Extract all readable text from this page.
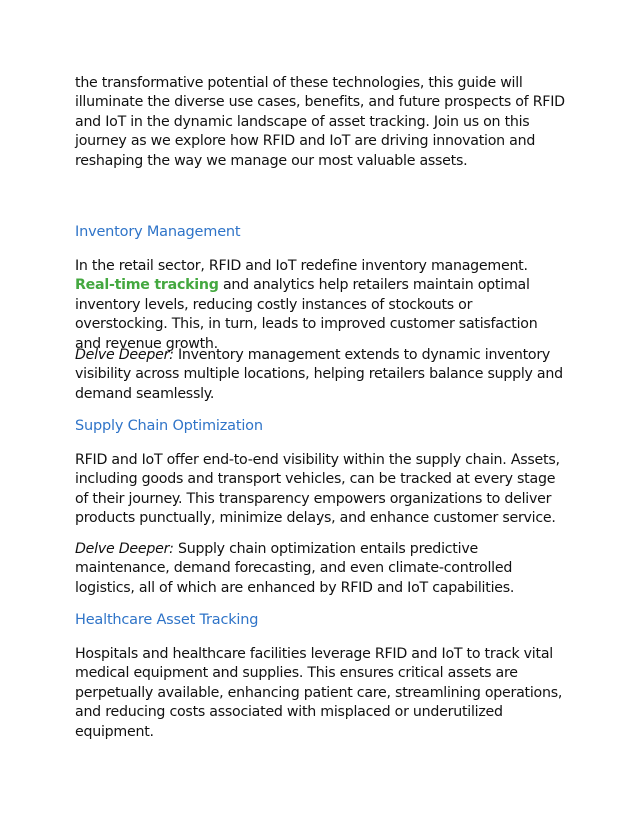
the transformative potential of these technologies, this guide will illuminate the diverse use cases, benefits, and future prospects of RFID and IoT in the dynamic landscape of asset tracking. Join us on this journey as we explore how RFID and IoT are driving innovation and reshaping the way we manage our most valuable assets.

Inventory Management

In the retail sector, RFID and IoT redefine inventory management. Real-time tracking and analytics help retailers maintain optimal inventory levels, reducing costly instances of stockouts or overstocking. This, in turn, leads to improved customer satisfaction and revenue growth.

Delve Deeper: Inventory management extends to dynamic inventory visibility across multiple locations, helping retailers balance supply and demand seamlessly.

Supply Chain Optimization

RFID and IoT offer end-to-end visibility within the supply chain. Assets, including goods and transport vehicles, can be tracked at every stage of their journey. This transparency empowers organizations to deliver products punctually, minimize delays, and enhance customer service.

Delve Deeper: Supply chain optimization entails predictive maintenance, demand forecasting, and even climate-controlled logistics, all of which are enhanced by RFID and IoT capabilities.

Healthcare Asset Tracking

Hospitals and healthcare facilities leverage RFID and IoT to track vital medical equipment and supplies. This ensures critical assets are perpetually available, enhancing patient care, streamlining operations, and reducing costs associated with misplaced or underutilized equipment.
